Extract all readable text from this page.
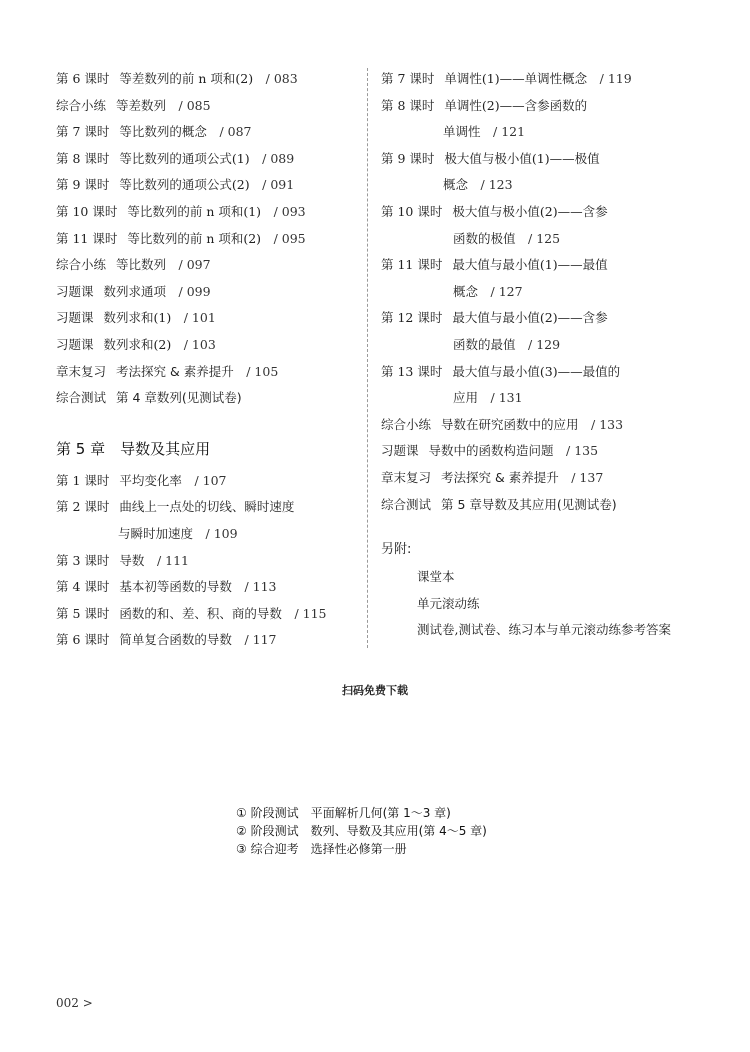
第 6 课时 等差数列的前 n 项和(2)　 / 083
综合小练 等差数列　 / 085
第 7 课时 等比数列的概念　 / 087
第 8 课时 等比数列的通项公式(1)　 / 089
第 9 课时 等比数列的通项公式(2)　 / 091
第 10 课时 等比数列的前 n 项和(1)　 / 093
第 11 课时 等比数列的前 n 项和(2)　 / 095
综合小练 等比数列　 / 097
习题课 数列求通项　 / 099
习题课 数列求和(1)　 / 101
习题课 数列求和(2)　 / 103
章末复习 考法探究 & 素养提升　 / 105
综合测试 第 4 章数列(见测试卷)
第 5 章　导数及其应用
第 1 课时 平均变化率　 / 107
第 2 课时 曲线上一点处的切线、瞬时速度
与瞬时加速度　 / 109
第 3 课时 导数　 / 111
第 4 课时 基本初等函数的导数　 / 113
第 5 课时 函数的和、差、积、商的导数　 / 115
第 6 课时 简单复合函数的导数　 / 117
第 7 课时 单调性(1)——单调性概念　 / 119
第 8 课时 单调性(2)——含参函数的
单调性　 / 121
第 9 课时 极大值与极小值(1)——极值
概念　 / 123
第 10 课时 极大值与极小值(2)——含参
函数的极值　 / 125
第 11 课时 最大值与最小值(1)——最值
概念　 / 127
第 12 课时 最大值与最小值(2)——含参
函数的最值　 / 129
第 13 课时 最大值与最小值(3)——最值的
应用　 / 131
综合小练 导数在研究函数中的应用　 / 133
习题课 导数中的函数构造问题　 / 135
章末复习 考法探究 & 素养提升　 / 137
综合测试 第 5 章导数及其应用(见测试卷)
另附:
课堂本
单元滚动练
测试卷,测试卷、练习本与单元滚动练参考答案
扫码免费下载
① 阶段测试　平面解析几何(第 1～3 章)
② 阶段测试　数列、导数及其应用(第 4～5 章)
③ 综合迎考　选择性必修第一册
002 >
